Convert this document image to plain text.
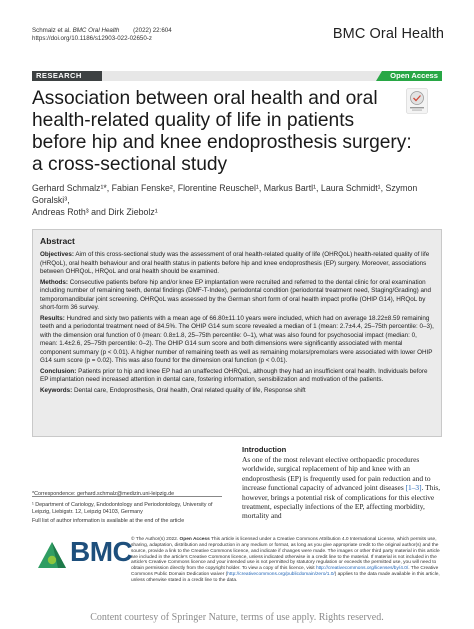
Schmalz et al. BMC Oral Health (2022) 22:604
https://doi.org/10.1186/s12903-022-02650-z	BMC Oral Health
RESEARCH	Open Access
Association between oral health and oral health-related quality of life in patients before hip and knee endoprosthesis surgery: a cross-sectional study
Gerhard Schmalz¹*, Fabian Fenske², Florentine Reuschel¹, Markus Bartl¹, Laura Schmidt¹, Szymon Goralski³,
Andreas Roth³ and Dirk Ziebolz¹
Abstract

Objectives: Aim of this cross-sectional study was the assessment of oral health-related quality of life (OHRQoL) health-related quality of life (HRQoL), oral health behaviour and oral health status in patients before hip and knee endoprosthesis (EP) surgery. Moreover, associations between OHRQoL, HRQoL and oral health should be examined.

Methods: Consecutive patients before hip and/or knee EP implantation were recruited and referred to the dental clinic for oral examination including number of remaining teeth, dental findings (DMF-T-Index), periodontal condition (periodontal treatment need, Staging/Grading) and temporomandibular joint screening. OHRQoL was assessed by the German short form of oral health impact profile (OHIP G14), HRQoL by short-form 36 survey.

Results: Hundred and sixty two patients with a mean age of 66.80±11.10 years were included, which had on average 18.22±8.59 remaining teeth and a periodontal treatment need of 84.5%. The OHIP G14 sum score revealed a median of 1 (mean: 2.7±4.4, 25–75th percentile: 0–3), with the dimension oral function of 0 (mean: 0.8±1.8, 25–75th percentile: 0–1), what was also found for psychosocial impact (median: 0, mean: 1.4±2.6, 25–75th percentile: 0–2). The OHIP G14 sum score and both dimensions were significantly associated with mental component summary (p < 0.01). A higher number of remaining teeth as well as remaining molars/premolars were associated with lower OHIP G14 sum score (p = 0.02). This was also found for the dimension oral function (p < 0.01).

Conclusion: Patients prior to hip and knee EP had an unaffected OHRQoL, although they had an insufficient oral health. Individuals before EP implantation need increased attention in dental care, fostering information, sensibilization and motivation of the patients.

Keywords: Dental care, Endoprosthesis, Oral health, Oral related quality of life, Response shift

Introduction
As one of the most relevant elective orthopaedic procedures worldwide, surgical replacement of hip and knee with an endoprosthesis (EP) is frequently used for pain reduction and to increase functional capacity of advanced joint diseases [1–3]. This, however, brings a potential risk of complications for this elective treatment, especially infections of the EP, affecting morbidity, mortality and
*Correspondence: gerhard.schmalz@medizin.uni-leipzig.de
¹ Department of Cariology, Endodontology and Periodontology, University of Leipzig, Liebigstr. 12, Leipzig 04103, Germany
Full list of author information is available at the end of the article
BMC
© The Author(s) 2022. Open Access This article is licensed under a Creative Commons Attribution 4.0 International License, which permits use, sharing, adaptation, distribution and reproduction in any medium or format, as long as you give appropriate credit to the original author(s) and the source, provide a link to the Creative Commons licence, and indicate if changes were made. The images or other third party material in this article are included in the article’s Creative Commons licence, unless indicated otherwise in a credit line to the material. If material is not included in the article’s Creative Commons licence and your intended use is not permitted by statutory regulation or exceeds the permitted use, you will need to obtain permission directly from the copyright holder. To view a copy of this licence, visit http://creativecommons.org/licenses/by/4.0/. The Creative Commons Public Domain Dedication waiver (http://creativecommons.org/publicdomain/zero/1.0/) applies to the data made available in this article, unless otherwise stated in a credit line to the data.
Content courtesy of Springer Nature, terms of use apply. Rights reserved.
